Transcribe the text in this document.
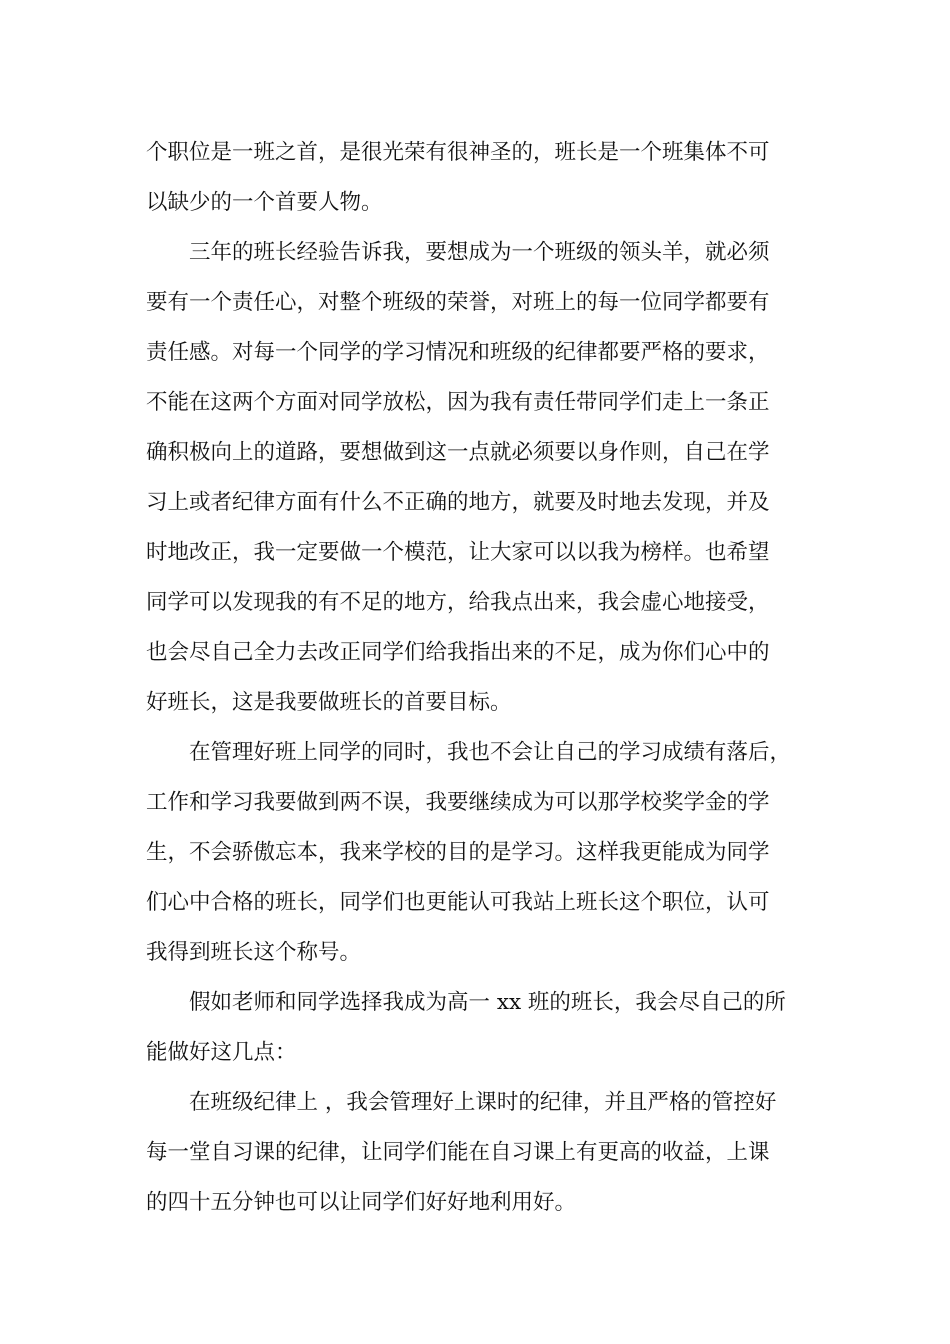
个职位是一班之首，是很光荣有很神圣的，班长是一个班集体不可

以缺少的一个首要人物。

三年的班长经验告诉我，要想成为一个班级的领头羊，就必须

要有一个责任心，对整个班级的荣誉，对班上的每一位同学都要有

责任感。对每一个同学的学习情况和班级的纪律都要严格的要求，

不能在这两个方面对同学放松，因为我有责任带同学们走上一条正

确积极向上的道路，要想做到这一点就必须要以身作则，自己在学

习上或者纪律方面有什么不正确的地方，就要及时地去发现，并及

时地改正，我一定要做一个模范，让大家可以以我为榜样。也希望

同学可以发现我的有不足的地方，给我点出来，我会虚心地接受，

也会尽自己全力去改正同学们给我指出来的不足，成为你们心中的

好班长，这是我要做班长的首要目标。

在管理好班上同学的同时，我也不会让自己的学习成绩有落后，

工作和学习我要做到两不误，我要继续成为可以那学校奖学金的学

生，不会骄傲忘本，我来学校的目的是学习。这样我更能成为同学

们心中合格的班长，同学们也更能认可我站上班长这个职位，认可

我得到班长这个称号。

假如老师和同学选择我成为高一 xx 班的班长，我会尽自己的所

能做好这几点：

在班级纪律上 ，我会管理好上课时的纪律，并且严格的管控好

每一堂自习课的纪律，让同学们能在自习课上有更高的收益，上课

的四十五分钟也可以让同学们好好地利用好。
